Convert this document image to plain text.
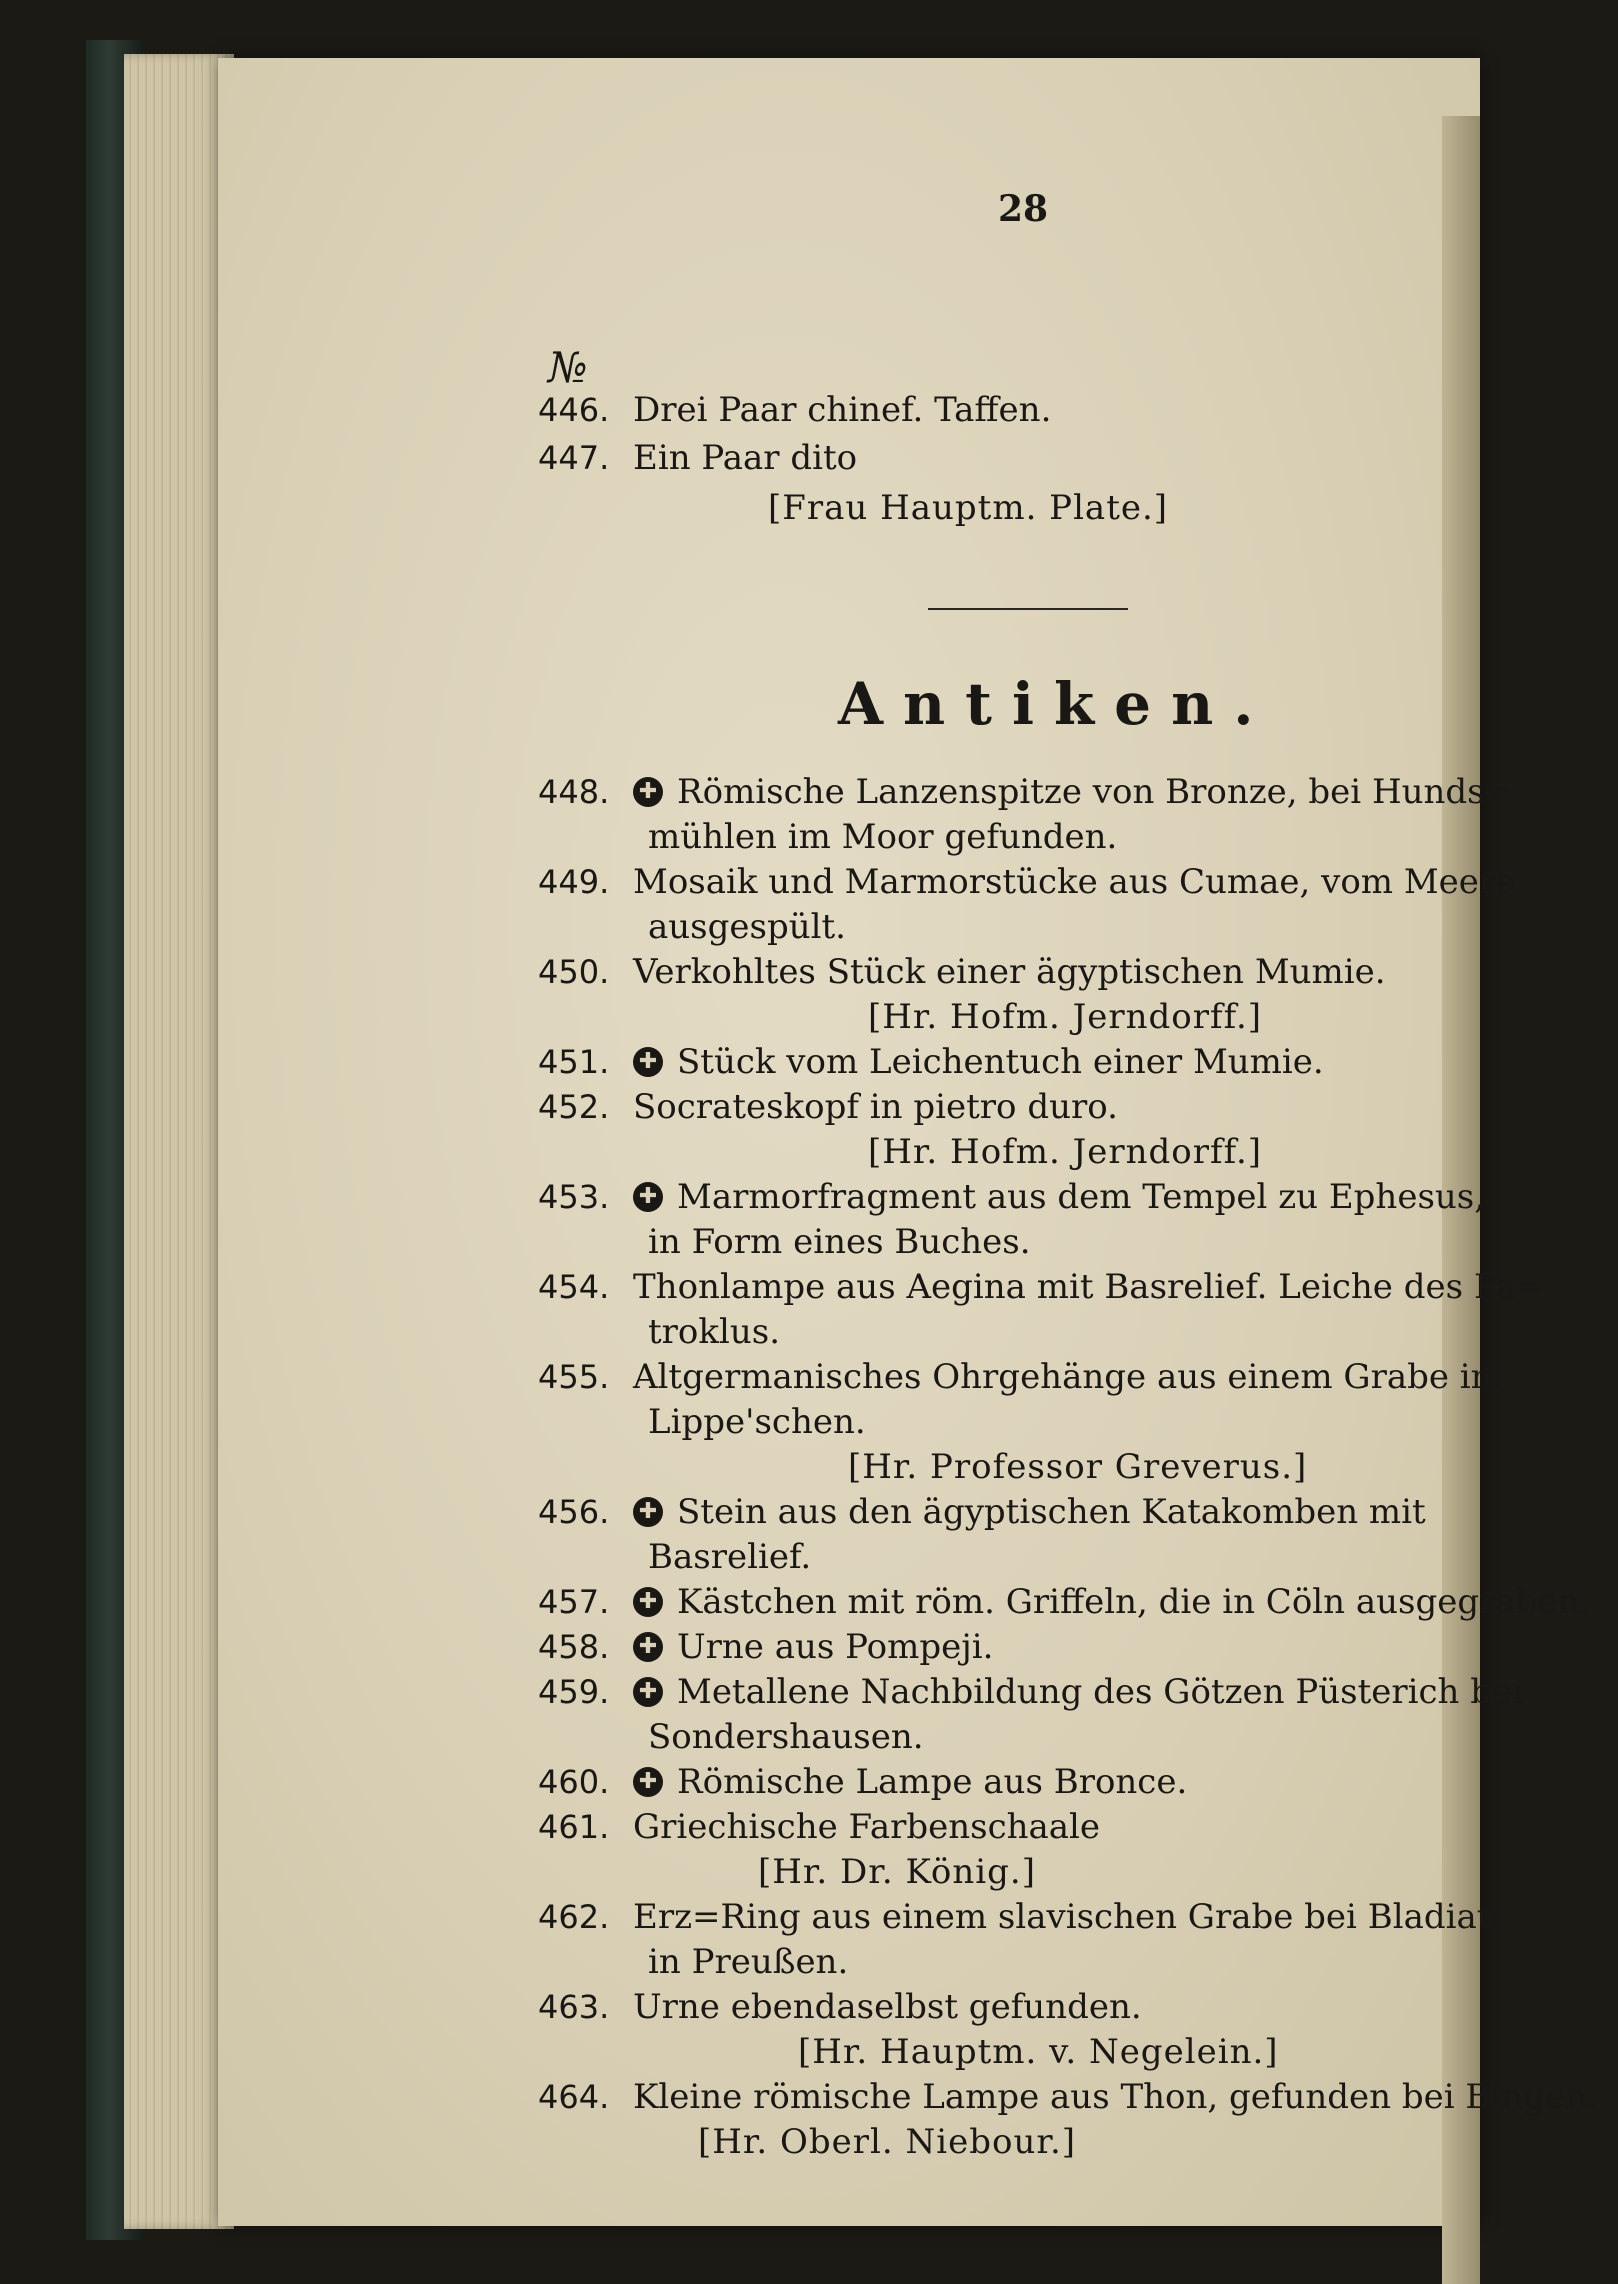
28
№
446. Drei Paar chinef. Taffen.
447. Ein Paar dito
[Frau Hauptm. Plate.]
Antiken.
448. ✚ Römische Lanzenspitze von Bronze, bei Hunds=
mühlen im Moor gefunden.
449. Mosaik und Marmorstücke aus Cumae, vom Meere
ausgespült.
450. Verkohltes Stück einer ägyptischen Mumie.
[Hr. Hofm. Jerndorff.]
451. ✚ Stück vom Leichentuch einer Mumie.
452. Socrateskopf in pietro duro.
[Hr. Hofm. Jerndorff.]
453. ✚ Marmorfragment aus dem Tempel zu Ephesus,
in Form eines Buches.
454. Thonlampe aus Aegina mit Basrelief. Leiche des Pa=
troklus.
455. Altgermanisches Ohrgehänge aus einem Grabe im
Lippe'schen.
[Hr. Professor Greverus.]
456. ✚ Stein aus den ägyptischen Katakomben mit
Basrelief.
457. ✚ Kästchen mit röm. Griffeln, die in Cöln ausgegraben.
458. ✚ Urne aus Pompeji.
459. ✚ Metallene Nachbildung des Götzen Püsterich bei
Sondershausen.
460. ✚ Römische Lampe aus Bronce.
461. Griechische Farbenschaale
[Hr. Dr. König.]
462. Erz=Ring aus einem slavischen Grabe bei Bladiau
in Preußen.
463. Urne ebendaselbst gefunden.
[Hr. Hauptm. v. Negelein.]
464. Kleine römische Lampe aus Thon, gefunden bei Bingen.
[Hr. Oberl. Niebour.]
